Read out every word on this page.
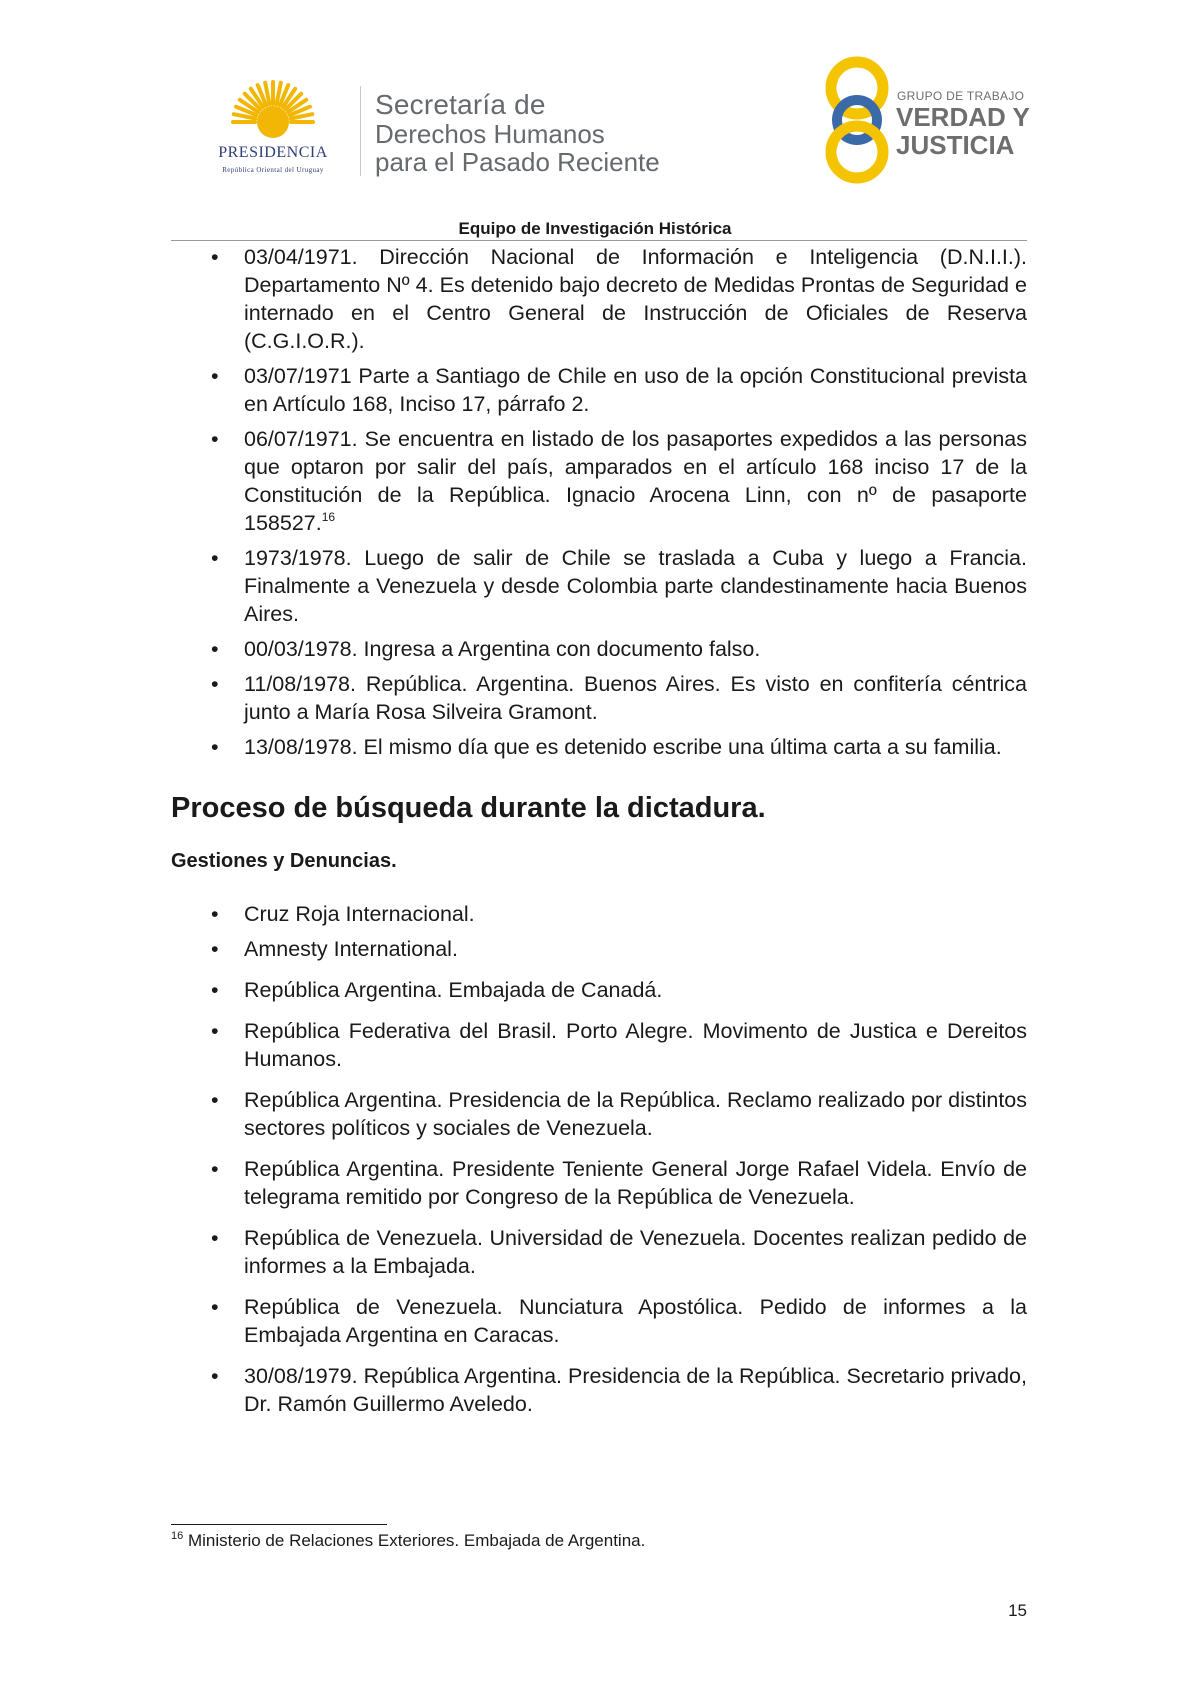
PRESIDENCIA
República Oriental del Uruguay
Secretaría de
Derechos Humanos
para el Pasado Reciente
GRUPO DE TRABAJO
VERDAD Y
JUSTICIA
Equipo de Investigación Histórica
• 03/04/1971. Dirección Nacional de Información e Inteligencia (D.N.I.I.). Departamento Nº 4. Es detenido bajo decreto de Medidas Prontas de Seguridad e internado en el Centro General de Instrucción de Oficiales de Reserva (C.G.I.O.R.).
• 03/07/1971 Parte a Santiago de Chile en uso de la opción Constitucional prevista en Artículo 168, Inciso 17, párrafo 2.
• 06/07/1971. Se encuentra en listado de los pasaportes expedidos a las personas que optaron por salir del país, amparados en el artículo 168 inciso 17 de la Constitución de la República. Ignacio Arocena Linn, con nº de pasaporte 158527.16
• 1973/1978. Luego de salir de Chile se traslada a Cuba y luego a Francia. Finalmente a Venezuela y desde Colombia parte clandestinamente hacia Buenos Aires.
• 00/03/1978. Ingresa a Argentina con documento falso.
• 11/08/1978. República. Argentina. Buenos Aires. Es visto en confitería céntrica junto a María Rosa Silveira Gramont.
• 13/08/1978. El mismo día que es detenido escribe una última carta a su familia.
Proceso de búsqueda durante la dictadura.
Gestiones y Denuncias.
• Cruz Roja Internacional.
• Amnesty International.
• República Argentina. Embajada de Canadá.
• República Federativa del Brasil. Porto Alegre. Movimento de Justica e Dereitos Humanos.
• República Argentina. Presidencia de la República. Reclamo realizado por distintos sectores políticos y sociales de Venezuela.
• República Argentina. Presidente Teniente General Jorge Rafael Videla. Envío de telegrama remitido por Congreso de la República de Venezuela.
• República de Venezuela. Universidad de Venezuela. Docentes realizan pedido de informes a la Embajada.
• República de Venezuela. Nunciatura Apostólica. Pedido de informes a la Embajada Argentina en Caracas.
• 30/08/1979. República Argentina. Presidencia de la República. Secretario privado, Dr. Ramón Guillermo Aveledo.
$^{16}$ Ministerio de Relaciones Exteriores. Embajada de Argentina.
15
